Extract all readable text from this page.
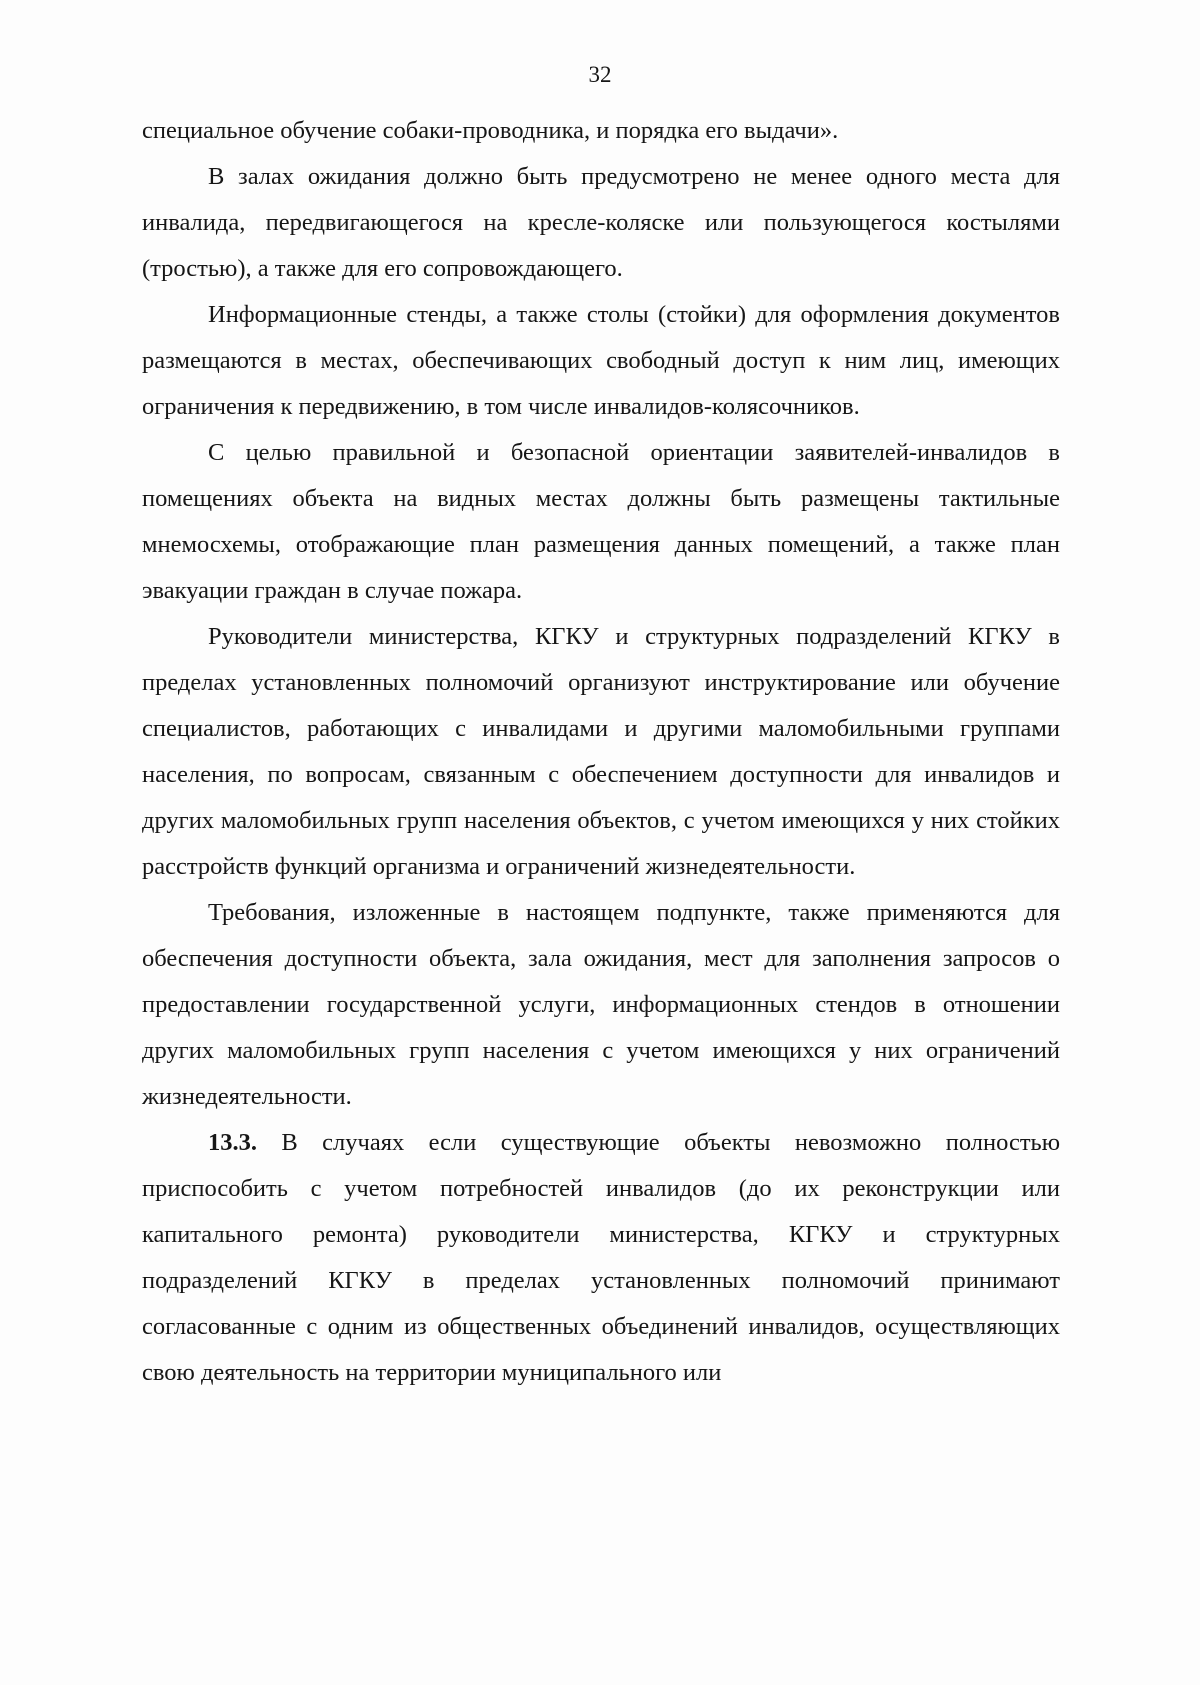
32

специальное обучение собаки-проводника, и порядка его выдачи».

В залах ожидания должно быть предусмотрено не менее одного места для инвалида, передвигающегося на кресле-коляске или пользующегося костылями (тростью), а также для его сопровождающего.

Информационные стенды, а также столы (стойки) для оформления документов размещаются в местах, обеспечивающих свободный доступ к ним лиц, имеющих ограничения к передвижению, в том числе инвалидов-колясочников.

С целью правильной и безопасной ориентации заявителей-инвалидов в помещениях объекта на видных местах должны быть размещены тактильные мнемосхемы, отображающие план размещения данных помещений, а также план эвакуации граждан в случае пожара.

Руководители министерства, КГКУ и структурных подразделений КГКУ в пределах установленных полномочий организуют инструктирование или обучение специалистов, работающих с инвалидами и другими маломобильными группами населения, по вопросам, связанным с обеспечением доступности для инвалидов и других маломобильных групп населения объектов, с учетом имеющихся у них стойких расстройств функций организма и ограничений жизнедеятельности.

Требования, изложенные в настоящем подпункте, также применяются для обеспечения доступности объекта, зала ожидания, мест для заполнения запросов о предоставлении государственной услуги, информационных стендов в отношении других маломобильных групп населения с учетом имеющихся у них ограничений жизнедеятельности.

13.3. В случаях если существующие объекты невозможно полностью приспособить с учетом потребностей инвалидов (до их реконструкции или капитального ремонта) руководители министерства, КГКУ и структурных подразделений КГКУ в пределах установленных полномочий принимают согласованные с одним из общественных объединений инвалидов, осуществляющих свою деятельность на территории муниципального или
